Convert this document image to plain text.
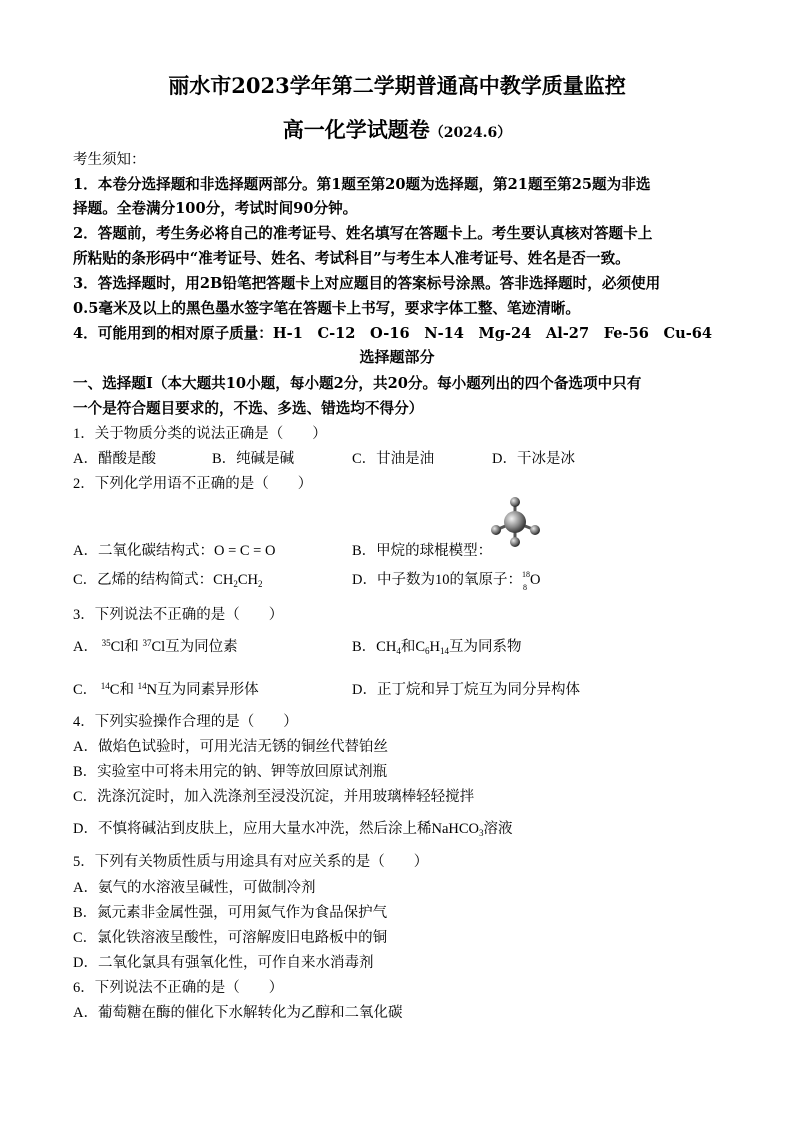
丽水市2023学年第二学期普通高中教学质量监控
高一化学试题卷（2024.6）
考生须知：
1．本卷分选择题和非选择题两部分。第1题至第20题为选择题，第21题至第25题为非选
择题。全卷满分100分，考试时间90分钟。
2．答题前，考生务必将自己的准考证号、姓名填写在答题卡上。考生要认真核对答题卡上
所粘贴的条形码中“准考证号、姓名、考试科目”与考生本人准考证号、姓名是否一致。
3．答选择题时，用2B铅笔把答题卡上对应题目的答案标号涂黑。答非选择题时，必须使用
0.5毫米及以上的黑色墨水签字笔在答题卡上书写，要求字体工整、笔迹清晰。
4．可能用到的相对原子质量：H-1　C-12　O-16　N-14　Mg-24　Al-27　Fe-56　Cu-64
选择题部分
一、选择题Ⅰ（本大题共10小题，每小题2分，共20分。每小题列出的四个备选项中只有
一个是符合题目要求的，不选、多选、错选均不得分）
1．关于物质分类的说法正确是（　　）
A．醋酸是酸	B．纯碱是碱	C．甘油是油	D．干冰是冰
2．下列化学用语不正确的是（　　）
A．二氧化碳结构式：O = C = O	B．甲烷的球棍模型：
C．乙烯的结构简式：$CH_2CH_2$	D．中子数为10的氧原子： 18
8 O
3．下列说法不正确的是（　　）
A． $^{35}$Cl和 $^{37}$Cl互为同位素	B．$CH_4$和$C_6H_{14}$互为同系物
C． $^{14}$C和 $^{14}$N互为同素异形体	D．正丁烷和异丁烷互为同分异构体
4．下列实验操作合理的是（　　）
A．做焰色试验时，可用光洁无锈的铜丝代替铂丝
B．实验室中可将未用完的钠、钾等放回原试剂瓶
C．洗涤沉淀时，加入洗涤剂至浸没沉淀，并用玻璃棒轻轻搅拌
D．不慎将碱沾到皮肤上，应用大量水冲洗，然后涂上稀NaHCO$_3$溶液
5．下列有关物质性质与用途具有对应关系的是（　　）
A．氨气的水溶液呈碱性，可做制冷剂
B．氮元素非金属性强，可用氮气作为食品保护气
C．氯化铁溶液呈酸性，可溶解废旧电路板中的铜
D．二氧化氯具有强氧化性，可作自来水消毒剂
6．下列说法不正确的是（　　）
A．葡萄糖在酶的催化下水解转化为乙醇和二氧化碳
